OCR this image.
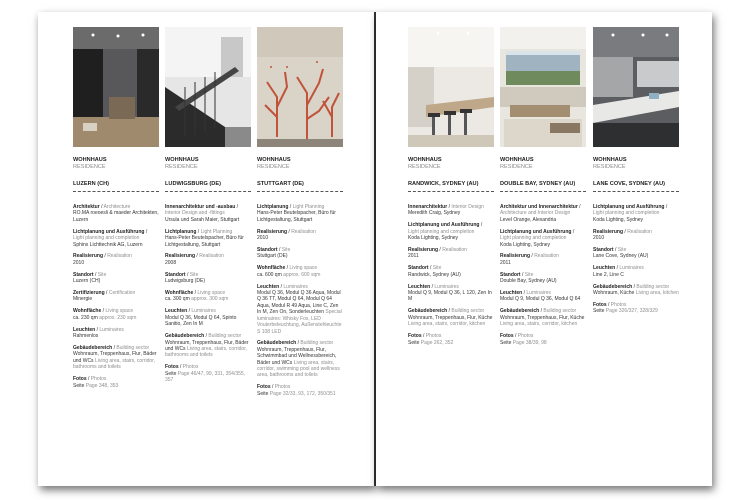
WOHNHAUS
RESIDENCE
LUZERN (CH)
Architektur / Architecture
RO.MA roeoesli & maeder Architekten, Luzern
Lichtplanung und Ausführung / Light planning and completion
Sphinx Lichttechnik AG, Luzern
Realisierung / Realisation
2010
Standort / Site
Luzern (CH)
Zertifizierung / Certification
Minergie
Wohnfläche / Living space
ca. 230 qm approx. 230 sqm
Leuchten / Luminaires
Rahmenlos
Gebäudebereich / Building sector
Wohnraum, Treppenhaus, Flur, Bäder und WCs Living area, stairs, corridor, bathrooms and toilets
Fotos / Photos
Seite Page 348, 353
WOHNHAUS
RESIDENCE
LUDWIGSBURG (DE)
Innenarchitektur und -ausbau / Interior Design and -fittings
Ursula und Sarah Maier, Stuttgart
Lichtplanung / Light Planning
Hans-Peter Beutelspacher, Büro für Lichtgestaltung, Stuttgart
Realisierung / Realisation
2008
Standort / Site
Ludwigsburg (DE)
Wohnfläche / Living space
ca. 300 qm approx. 300 sqm
Leuchten / Luminaires
Modul Q 36, Modul Q 64, Spinto Sanitio, Zen In M
Gebäudebereich / Building sector
Wohnraum, Treppenhaus, Flur, Bäder und WCs Living area, stairs, corridor, bathrooms and toilets
Fotos / Photos
Seite Page 46/47, 99, 331, 354/355, 357
WOHNHAUS
RESIDENCE
STUTTGART (DE)
Lichtplanung / Light Planning
Hans-Peter Beutelspacher, Büro für Lichtgestaltung, Stuttgart
Realisierung / Realisation
2010
Standort / Site
Stuttgart (DE)
Wohnfläche / Living space
ca. 600 qm approx. 600 sqm
Leuchten / Luminaires
Modul Q 36, Modul Q 36 Aqua, Modul Q 36 TT, Modul Q 64, Modul Q 64 Aqua, Modul R 49 Aqua, Line C, Zen In M, Zen On, Sonderleuchten Special luminaires: Whisky Fox, LED Vouterbeleuchtung, Außenstehleuchte S 108 LED
Gebäudebereich / Building sector
Wohnraum, Treppenhaus, Flur, Schwimmbad und Wellnessbereich, Bäder und WCs Living area, stairs, corridor, swimming pool and wellness area, bathrooms and toilets
Fotos / Photos
Seite Page 32/33, 93, 172, 350/351
WOHNHAUS
RESIDENCE
RANDWICK, SYDNEY (AU)
Innenarchitektur / Interior Design
Meredith Craig, Sydney
Lichtplanung und Ausführung / Light planning and completion
Koda Lighting, Sydney
Realisierung / Realisation
2011
Standort / Site
Randwick, Sydney (AU)
Leuchten / Luminaires
Modul Q 9, Modul Q 36, L 120, Zen In M
Gebäudebereich / Building sector
Wohnraum, Treppenhaus, Flur, Küche Living area, stairs, corridor, kitchen
Fotos / Photos
Seite Page 262, 352
WOHNHAUS
RESIDENCE
DOUBLE BAY, SYDNEY (AU)
Architektur und Innenarchitektur / Architecture and Interior Design
Level Orange, Alexandria
Lichtplanung und Ausführung / Light planning and completion
Koda Lighting, Sydney
Realisierung / Realisation
2011
Standort / Site
Double Bay, Sydney (AU)
Leuchten / Luminaires
Modul Q 9, Modul Q 36, Modul Q 64
Gebäudebereich / Building sector
Wohnraum, Treppenhaus, Flur, Küche Living area, stairs, corridor, kitchen
Fotos / Photos
Seite Page 38/39, 98
WOHNHAUS
RESIDENCE
LANE COVE, SYDNEY (AU)
Lichtplanung und Ausführung / Light planning and completion
Koda Lighting, Sydney
Realisierung / Realisation
2010
Standort / Site
Lane Cove, Sydney (AU)
Leuchten / Luminaires
Line 2, Line C
Gebäudebereich / Building sector
Wohnraum, Küche Living area, kitchen
Fotos / Photos
Seite Page 326/327, 328/329
